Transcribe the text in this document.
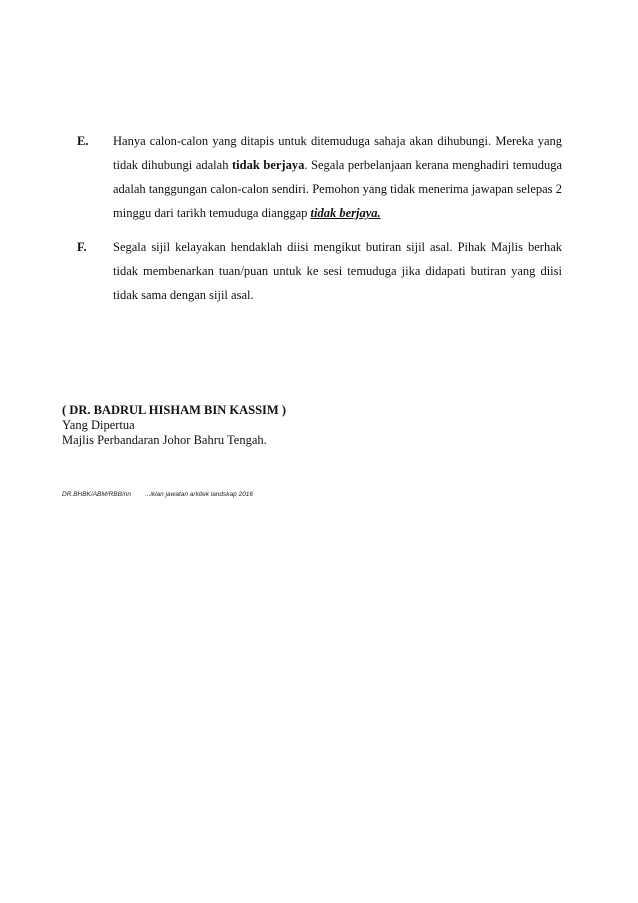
E. Hanya calon-calon yang ditapis untuk ditemuduga sahaja akan dihubungi. Mereka yang tidak dihubungi adalah tidak berjaya. Segala perbelanjaan kerana menghadiri temuduga adalah tanggungan calon-calon sendiri. Pemohon yang tidak menerima jawapan selepas 2 minggu dari tarikh temuduga dianggap tidak berjaya.
F. Segala sijil kelayakan hendaklah diisi mengikut butiran sijil asal. Pihak Majlis berhak tidak membenarkan tuan/puan untuk ke sesi temuduga jika didapati butiran yang diisi tidak sama dengan sijil asal.
( DR. BADRUL HISHAM BIN KASSIM )
Yang Dipertua
Majlis Perbandaran Johor Bahru Tengah.
DR.BHBK/ABM/RBB/nn ...iklan jawatan arkitek landskap 2016
